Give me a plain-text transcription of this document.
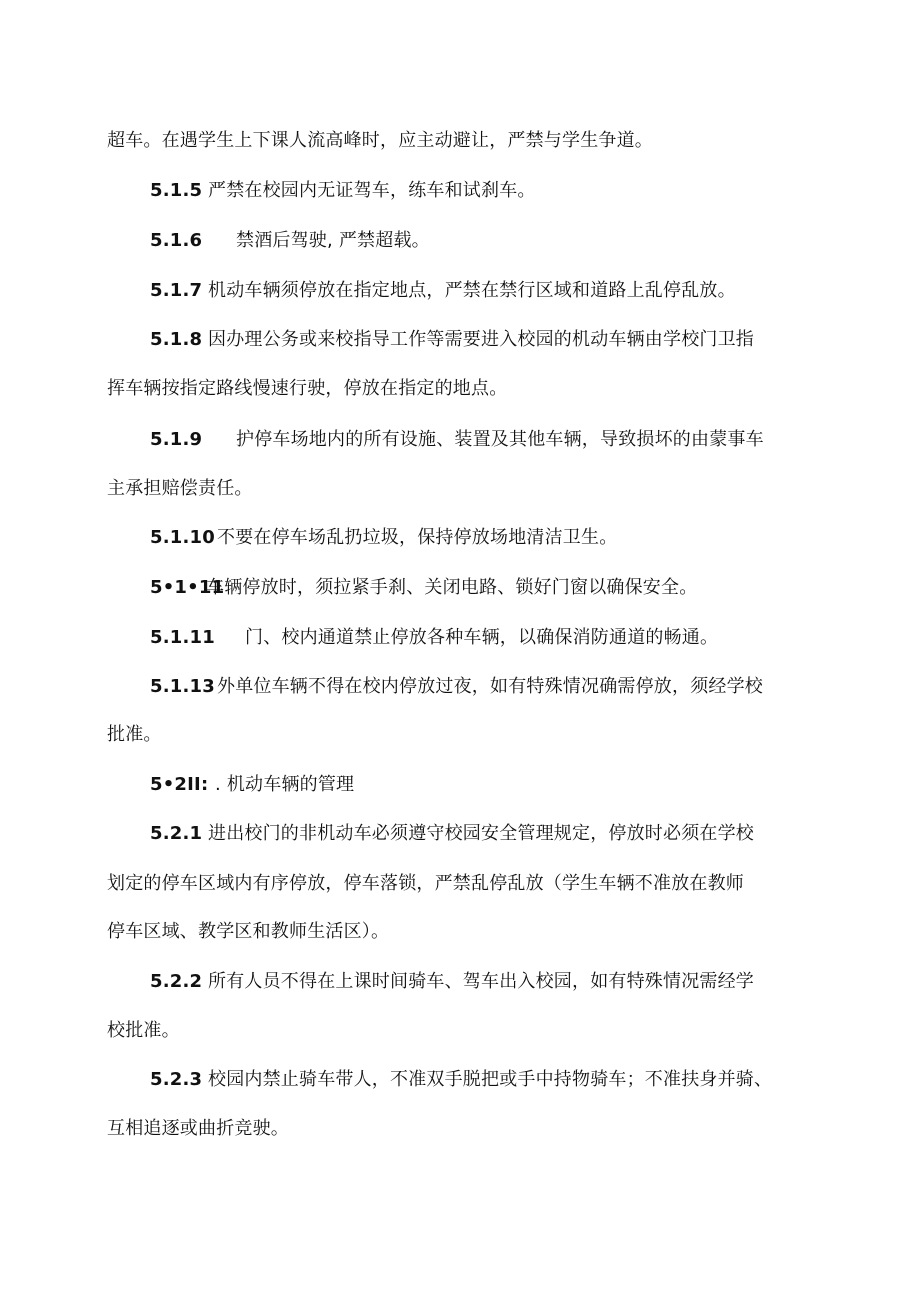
超车。在遇学生上下课人流高峰时，应主动避让，严禁与学生争道。
5.1.5 严禁在校园内无证驾车，练车和试刹车。
5.1.6 禁酒后驾驶, 严禁超载。
5.1.7 机动车辆须停放在指定地点，严禁在禁行区域和道路上乱停乱放。
5.1.8 因办理公务或来校指导工作等需要进入校园的机动车辆由学校门卫指
挥车辆按指定路线慢速行驶，停放在指定的地点。
5.1.9 护停车场地内的所有设施、装置及其他车辆，导致损坏的由蒙事车
主承担赔偿责任。
5.1.10 不要在停车场乱扔垃圾，保持停放场地清洁卫生。
5•1•11车辆停放时，须拉紧手刹、关闭电路、锁好门窗以确保安全。
5.1.11 门、校内通道禁止停放各种车辆，以确保消防通道的畅通。
5.1.13 外单位车辆不得在校内停放过夜，如有特殊情况确需停放，须经学校
批准。
5•2II: . 机动车辆的管理
5.2.1 进出校门的非机动车必须遵守校园安全管理规定，停放时必须在学校
划定的停车区域内有序停放，停车落锁，严禁乱停乱放（学生车辆不准放在教师
停车区域、教学区和教师生活区）。
5.2.2 所有人员不得在上课时间骑车、驾车出入校园，如有特殊情况需经学
校批准。
5.2.3 校园内禁止骑车带人，不准双手脱把或手中持物骑车；不准扶身并骑、
互相追逐或曲折竞驶。
